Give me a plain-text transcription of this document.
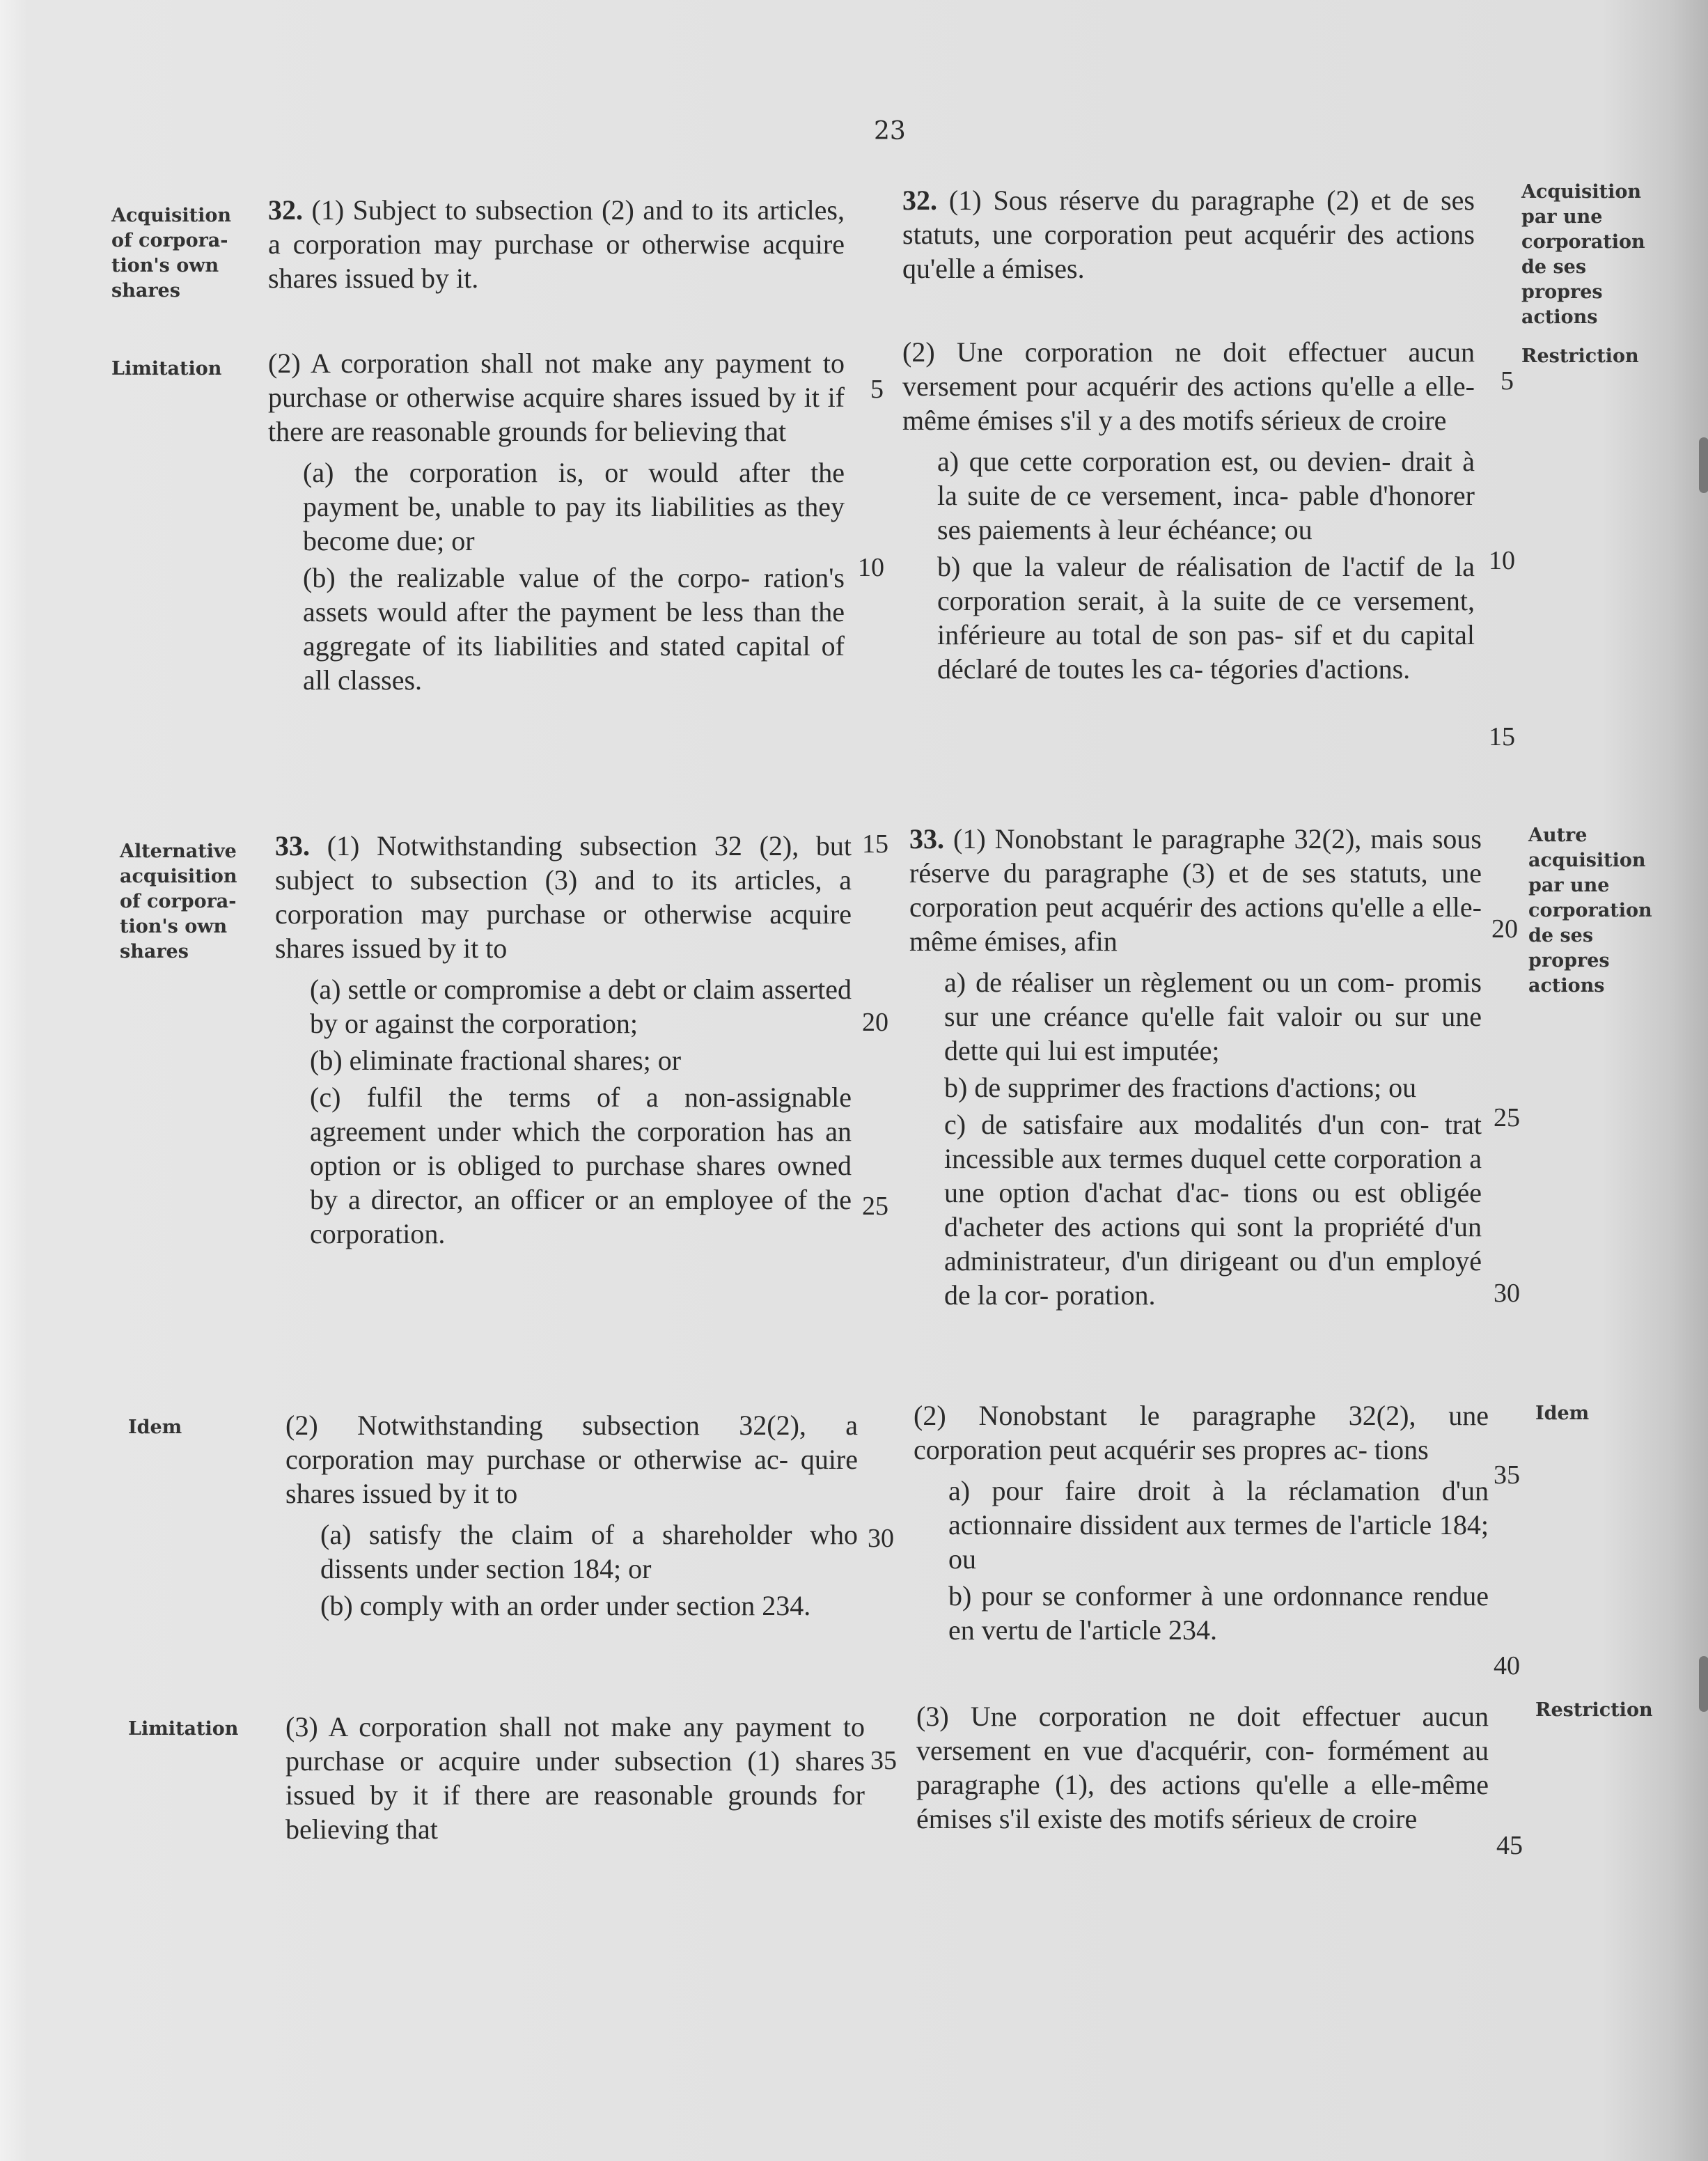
23
Acquisition of corpora- tion's own shares
Limitation
Alternative acquisition of corpora- tion's own shares
Idem
Limitation
Acquisition par une corporation de ses propres actions
Restriction
Autre acquisition par une corporation de ses propres actions
Idem
Restriction

32. (1) Subject to subsection (2) and to its articles, a corporation may purchase or otherwise acquire shares issued by it.

(2) A corporation shall not make any payment to purchase or otherwise acquire shares issued by it if there are reasonable grounds for believing that

(a) the corporation is, or would after the payment be, unable to pay its liabilities as they become due; or

(b) the realizable value of the corpo- ration's assets would after the payment be less than the aggregate of its liabilities and stated capital of all classes.

33. (1) Notwithstanding subsection 32 (2), but subject to subsection (3) and to its articles, a corporation may purchase or otherwise acquire shares issued by it to

(a) settle or compromise a debt or claim asserted by or against the corporation;

(b) eliminate fractional shares; or

(c) fulfil the terms of a non-assignable agreement under which the corporation has an option or is obliged to purchase shares owned by a director, an officer or an employee of the corporation.

(2) Notwithstanding subsection 32(2), a corporation may purchase or otherwise ac- quire shares issued by it to

(a) satisfy the claim of a shareholder who dissents under section 184; or

(b) comply with an order under section 234.

(3) A corporation shall not make any payment to purchase or acquire under subsection (1) shares issued by it if there are reasonable grounds for believing that

5
10
15
20
25
30
35

32. (1) Sous réserve du paragraphe (2) et de ses statuts, une corporation peut acquérir des actions qu'elle a émises.

(2) Une corporation ne doit effectuer aucun versement pour acquérir des actions qu'elle a elle-même émises s'il y a des motifs sérieux de croire

a) que cette corporation est, ou devien- drait à la suite de ce versement, inca- pable d'honorer ses paiements à leur échéance; ou

b) que la valeur de réalisation de l'actif de la corporation serait, à la suite de ce versement, inférieure au total de son pas- sif et du capital déclaré de toutes les ca- tégories d'actions.

33. (1) Nonobstant le paragraphe 32(2), mais sous réserve du paragraphe (3) et de ses statuts, une corporation peut acquérir des actions qu'elle a elle-même émises, afin

a) de réaliser un règlement ou un com- promis sur une créance qu'elle fait valoir ou sur une dette qui lui est imputée;

b) de supprimer des fractions d'actions; ou

c) de satisfaire aux modalités d'un con- trat incessible aux termes duquel cette corporation a une option d'achat d'ac- tions ou est obligée d'acheter des actions qui sont la propriété d'un administrateur, d'un dirigeant ou d'un employé de la cor- poration.

(2) Nonobstant le paragraphe 32(2), une corporation peut acquérir ses propres ac- tions

a) pour faire droit à la réclamation d'un actionnaire dissident aux termes de l'article 184; ou

b) pour se conformer à une ordonnance rendue en vertu de l'article 234.

(3) Une corporation ne doit effectuer aucun versement en vue d'acquérir, con- formément au paragraphe (1), des actions qu'elle a elle-même émises s'il existe des motifs sérieux de croire

5
10
15
20
25
30
35
40
45
